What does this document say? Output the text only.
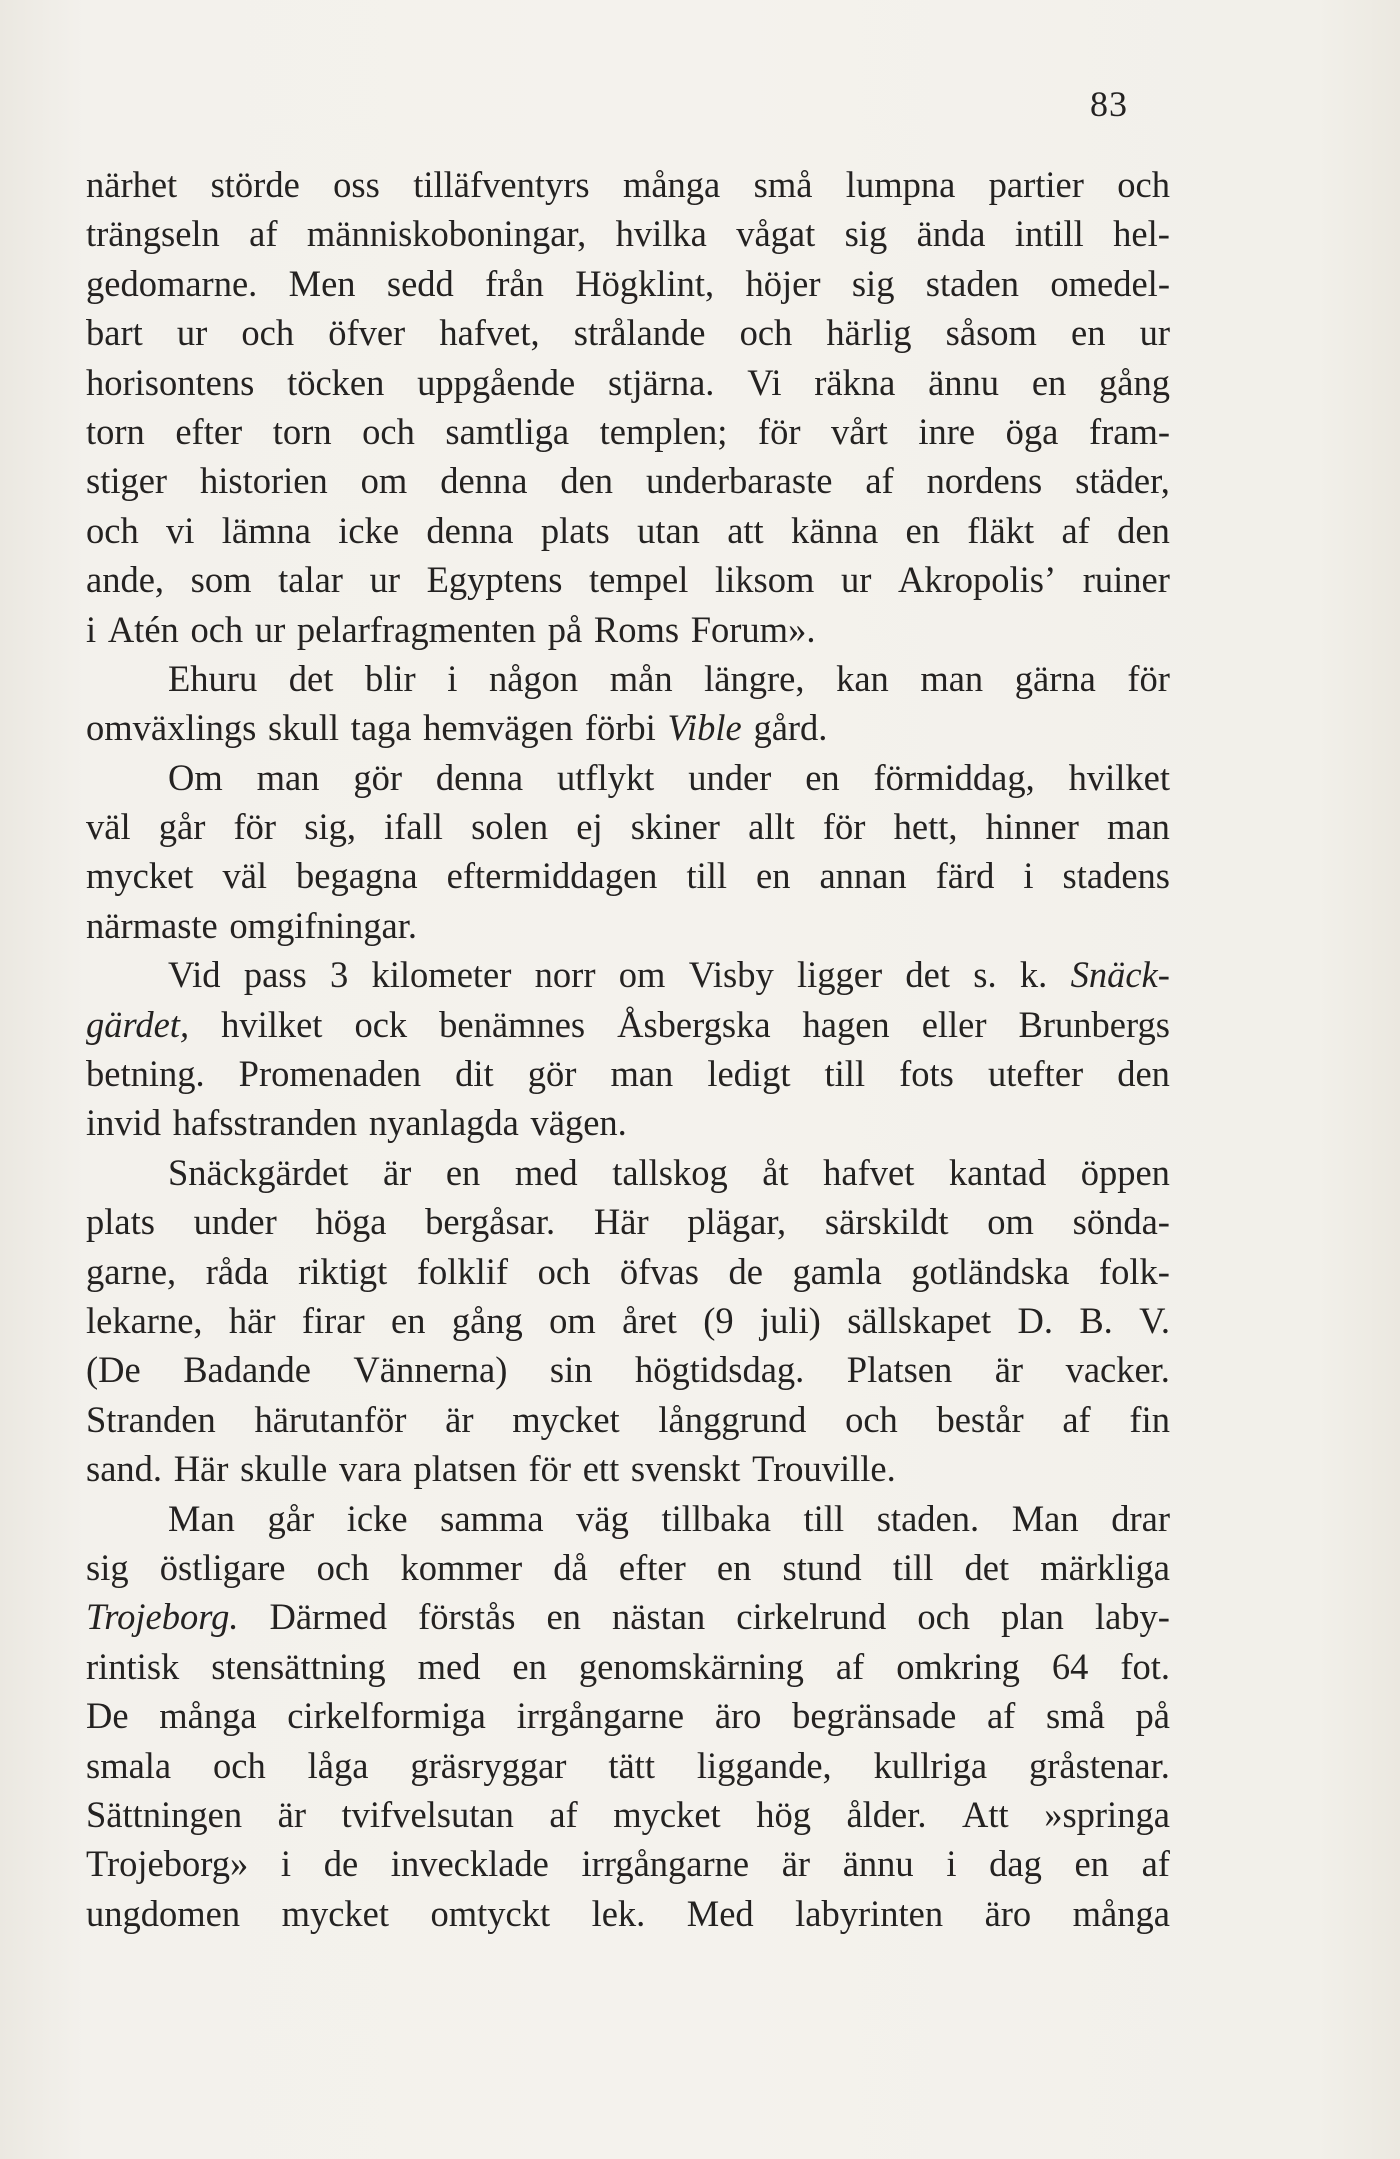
83
närhet störde oss tilläfventyrs många små lumpna partier och
trängseln af människoboningar, hvilka vågat sig ända intill hel-
gedomarne. Men sedd från Högklint, höjer sig staden omedel-
bart ur och öfver hafvet, strålande och härlig såsom en ur
horisontens töcken uppgående stjärna. Vi räkna ännu en gång
torn efter torn och samtliga templen; för vårt inre öga fram-
stiger historien om denna den underbaraste af nordens städer,
och vi lämna icke denna plats utan att känna en fläkt af den
ande, som talar ur Egyptens tempel liksom ur Akropolis’ ruiner
i Atén och ur pelarfragmenten på Roms Forum».
Ehuru det blir i någon mån längre, kan man gärna för
omväxlings skull taga hemvägen förbi Vible gård.
Om man gör denna utflykt under en förmiddag, hvilket
väl går för sig, ifall solen ej skiner allt för hett, hinner man
mycket väl begagna eftermiddagen till en annan färd i stadens
närmaste omgifningar.
Vid pass 3 kilometer norr om Visby ligger det s. k. Snäck-
gärdet, hvilket ock benämnes Åsbergska hagen eller Brunbergs
betning. Promenaden dit gör man ledigt till fots utefter den
invid hafsstranden nyanlagda vägen.
Snäckgärdet är en med tallskog åt hafvet kantad öppen
plats under höga bergåsar. Här plägar, särskildt om sönda-
garne, råda riktigt folklif och öfvas de gamla gotländska folk-
lekarne, här firar en gång om året (9 juli) sällskapet D. B. V.
(De Badande Vännerna) sin högtidsdag. Platsen är vacker.
Stranden härutanför är mycket långgrund och består af fin
sand. Här skulle vara platsen för ett svenskt Trouville.
Man går icke samma väg tillbaka till staden. Man drar
sig östligare och kommer då efter en stund till det märkliga
Trojeborg. Därmed förstås en nästan cirkelrund och plan laby-
rintisk stensättning med en genomskärning af omkring 64 fot.
De många cirkelformiga irrgångarne äro begränsade af små på
smala och låga gräsryggar tätt liggande, kullriga gråstenar.
Sättningen är tvifvelsutan af mycket hög ålder. Att »springa
Trojeborg» i de invecklade irrgångarne är ännu i dag en af
ungdomen mycket omtyckt lek. Med labyrinten äro många
